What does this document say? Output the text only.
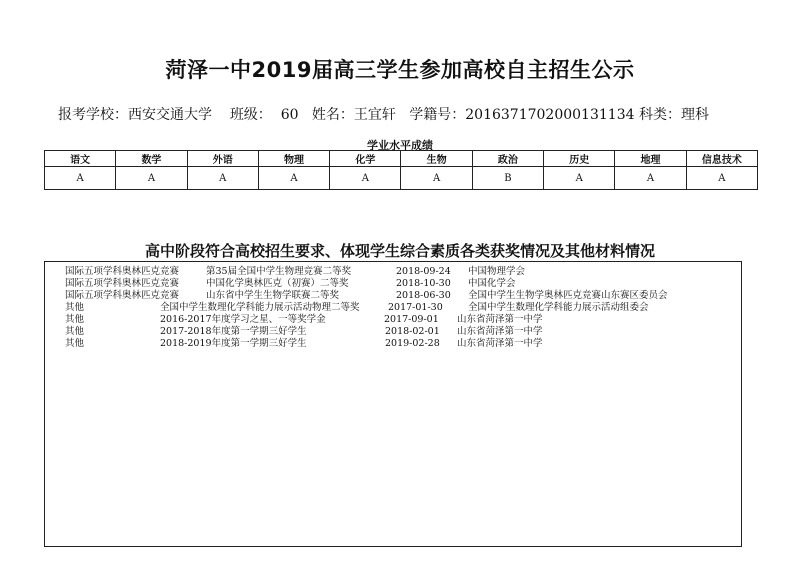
菏泽一中2019届高三学生参加高校自主招生公示
报考学校：西安交通大学 班级： 60 姓名：王宜轩 学籍号：2016371702000131134 科类：理科
学业水平成绩
语文	数学	外语	物理	化学	生物	政治	历史	地理	信息技术
A	A	A	A	A	A	B	A	A	A
高中阶段符合高校招生要求、体现学生综合素质各类获奖情况及其他材料情况
国际五项学科奥林匹克竞赛	第35届全国中学生物理竞赛二等奖	2018-09-24 中国物理学会
国际五项学科奥林匹克竞赛	中国化学奥林匹克（初赛）二等奖	2018-10-30 中国化学会
国际五项学科奥林匹克竞赛	山东省中学生生物学联赛二等奖	2018-06-30 全国中学生生物学奥林匹克竞赛山东赛区委员会
其他	全国中学生数理化学科能力展示活动物理二等奖	2017-01-30	全国中学生数理化学科能力展示活动组委会
其他	2016-2017年度学习之星、一等奖学金	2017-09-01 山东省菏泽第一中学
其他	2017-2018年度第一学期三好学生	2018-02-01 山东省菏泽第一中学
其他	2018-2019年度第一学期三好学生	2019-02-28 山东省菏泽第一中学
